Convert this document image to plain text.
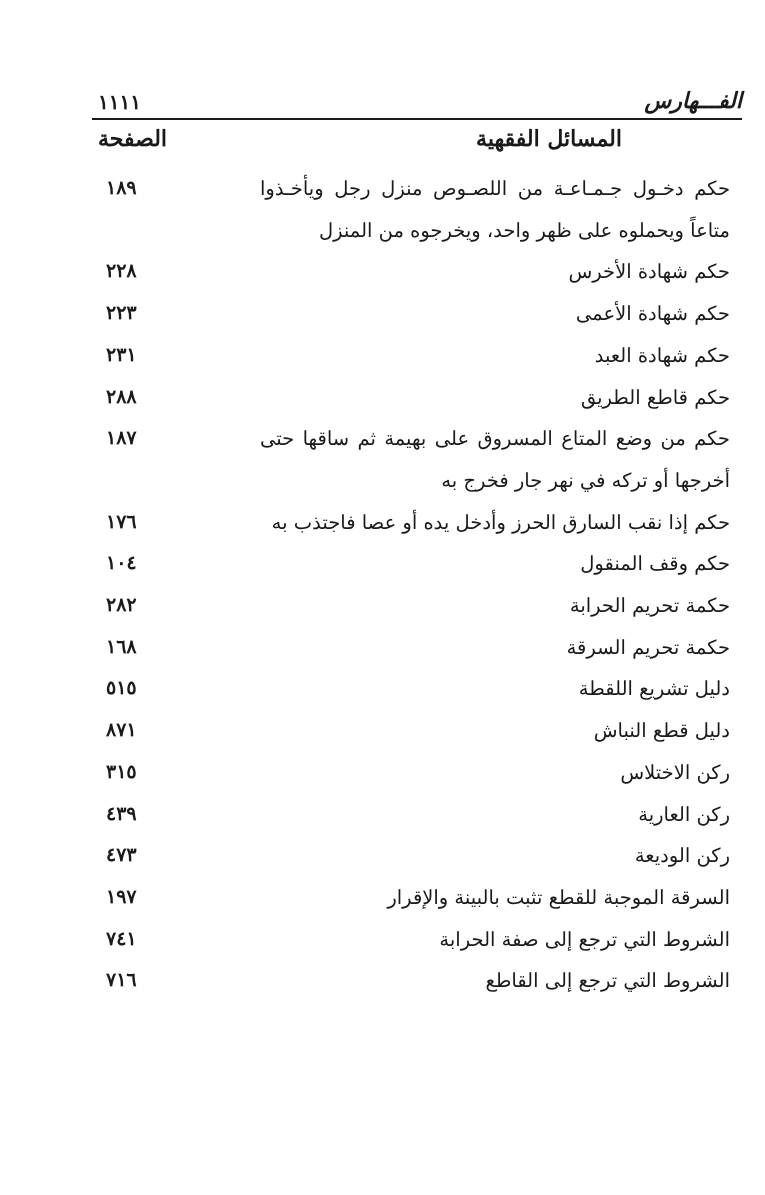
الفـــهارس
١١١١
المسائل الفقهية
الصفحة
حكم دخـول جـمـاعـة من اللصـوص منزل رجل ويأخـذوا متاعاً ويحملوه على ظهر واحد، ويخرجوه من المنزل
١٨٩
حكم شهادة الأخرس
٢٢٨
حكم شهادة الأعمى
٢٢٣
حكم شهادة العبد
٢٣١
حكم قاطع الطريق
٢٨٨
حكم من وضع المتاع المسروق على بهيمة ثم ساقها حتى أخرجها أو تركه في نهر جار فخرج به
١٨٧
حكم إذا نقب السارق الحرز وأدخل يده أو عصا فاجتذب به
١٧٦
حكم وقف المنقول
١٠٤
حكمة تحريم الحرابة
٢٨٢
حكمة تحريم السرقة
١٦٨
دليل تشريع اللقطة
٥١٥
دليل قطع النباش
٨٧١
ركن الاختلاس
٣١٥
ركن العارية
٤٣٩
ركن الوديعة
٤٧٣
السرقة الموجبة للقطع تثبت بالبينة والإقرار
١٩٧
الشروط التي ترجع إلى صفة الحرابة
٧٤١
الشروط التي ترجع إلى القاطع
٧١٦
